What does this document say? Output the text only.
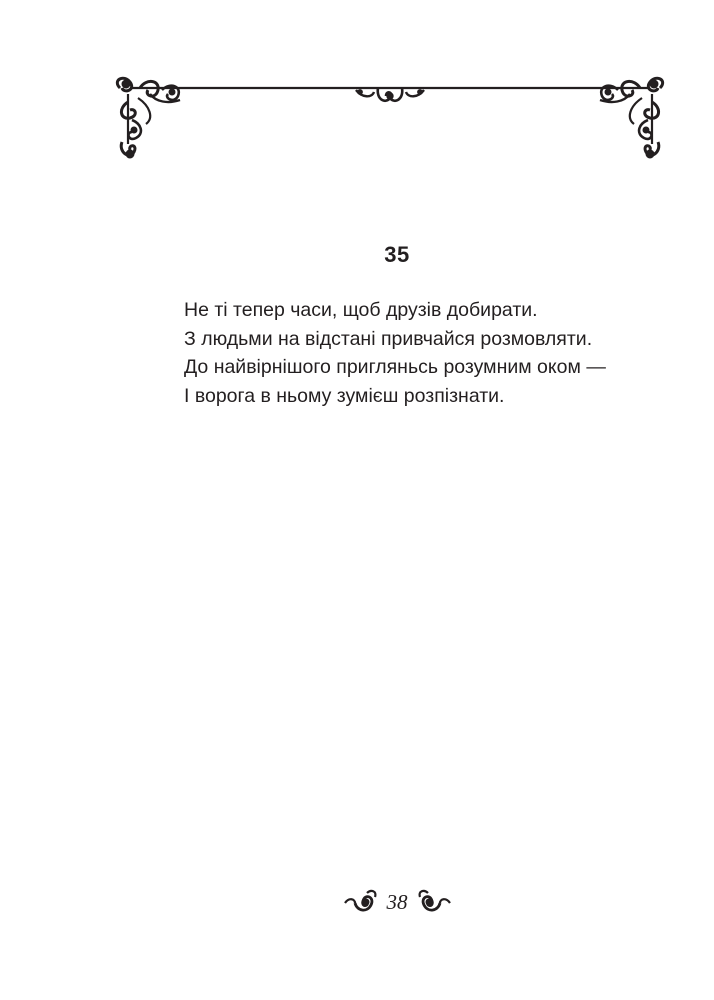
35
Не ті тепер часи, щоб друзів добирати.
З людьми на відстані привчайся розмовляти.
До найвірнішого пригляньсь розумним оком —
І ворога в ньому зумієш розпізнати.
38
